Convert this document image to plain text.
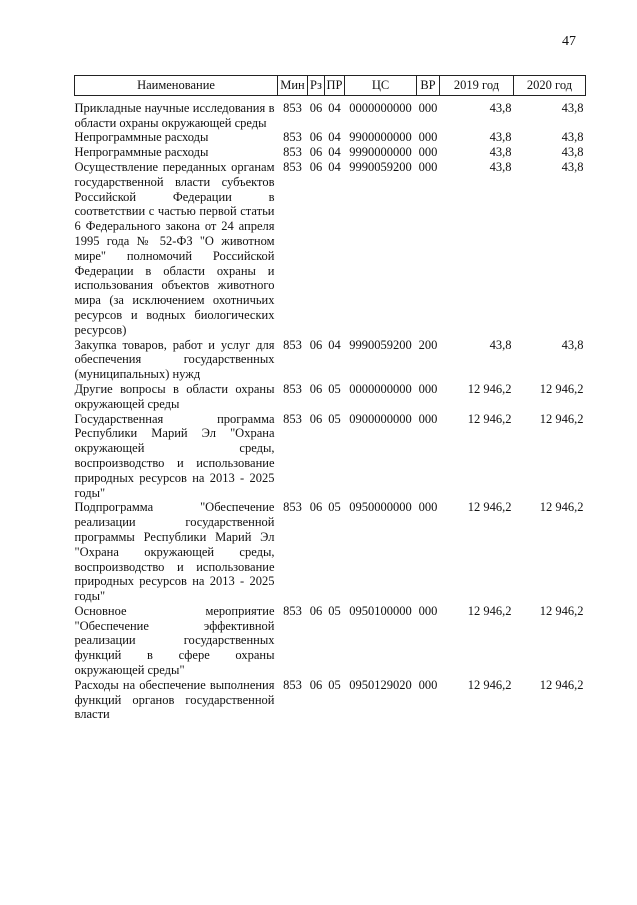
47
Наименование	Мин	Рз	ПР	ЦС	ВР	2019 год	2020 год
Прикладные научные исследования в области охраны окружающей среды	853	06	04	0000000000	000	43,8	43,8
Непрограммные расходы	853	06	04	9900000000	000	43,8	43,8
Непрограммные расходы	853	06	04	9990000000	000	43,8	43,8
Осуществление переданных органам государственной власти субъектов Российской Федерации в соответствии с частью первой статьи 6 Федерального закона от 24 апреля 1995 года № 52-ФЗ "О животном мире" полномочий Российской Федерации в области охраны и использования объектов животного мира (за исключением охотничьих ресурсов и водных биологических ресурсов)	853	06	04	9990059200	000	43,8	43,8
Закупка товаров, работ и услуг для обеспечения государственных (муниципальных) нужд	853	06	04	9990059200	200	43,8	43,8
Другие вопросы в области охраны окружающей среды	853	06	05	0000000000	000	12 946,2	12 946,2
Государственная программа Республики Марий Эл "Охрана окружающей среды, воспроизводство и использование природных ресурсов на 2013 - 2025 годы"	853	06	05	0900000000	000	12 946,2	12 946,2
Подпрограмма "Обеспечение реализации государственной программы Республики Марий Эл "Охрана окружающей среды, воспроизводство и использование природных ресурсов на 2013 - 2025 годы"	853	06	05	0950000000	000	12 946,2	12 946,2
Основное мероприятие "Обеспечение эффективной реализации государственных функций в сфере охраны окружающей среды"	853	06	05	0950100000	000	12 946,2	12 946,2
Расходы на обеспечение выполнения функций органов государственной власти	853	06	05	0950129020	000	12 946,2	12 946,2
